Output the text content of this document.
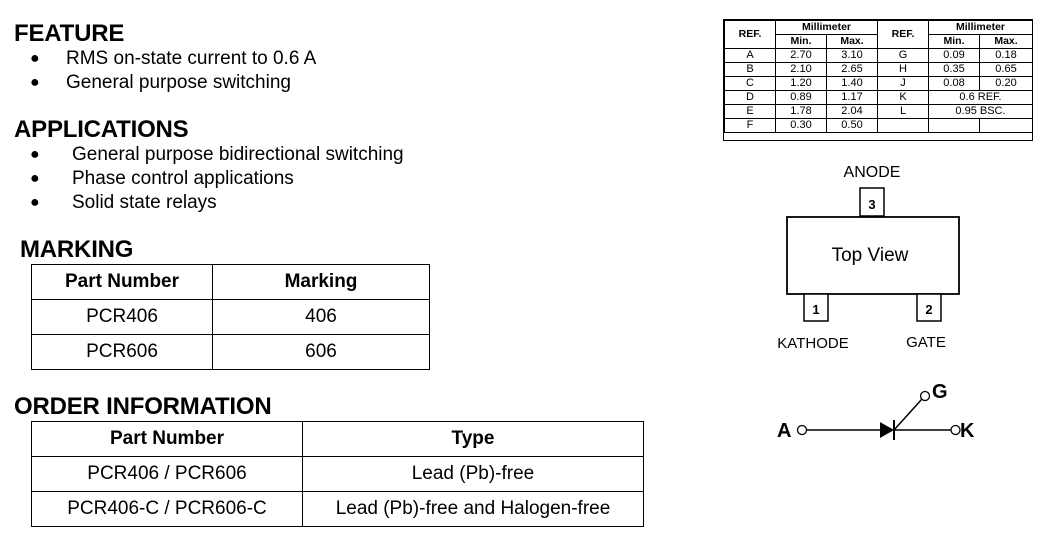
FEATURE
● RMS on-state current to 0.6 A
● General purpose switching
APPLICATIONS
● General purpose bidirectional switching
● Phase control applications
● Solid state relays
MARKING
Part Number	Marking
PCR406	406
PCR606	606
ORDER INFORMATION
Part Number	Type
PCR406 / PCR606	Lead (Pb)-free
PCR406-C / PCR606-C	Lead (Pb)-free and Halogen-free
REF.	Millimeter		REF.	Millimeter	
	Min.	Max.		Min.	Max.
A	2.70	3.10	G	0.09	0.18
B	2.10	2.65	H	0.35	0.65
C	1.20	1.40	J	0.08	0.20
D	0.89	1.17	K	0.6 REF.	
E	1.78	2.04	L	0.95 BSC.	
F	0.30	0.50			
ANODE
3
Top View
1	2
KATHODE	GATE
A	K
G
